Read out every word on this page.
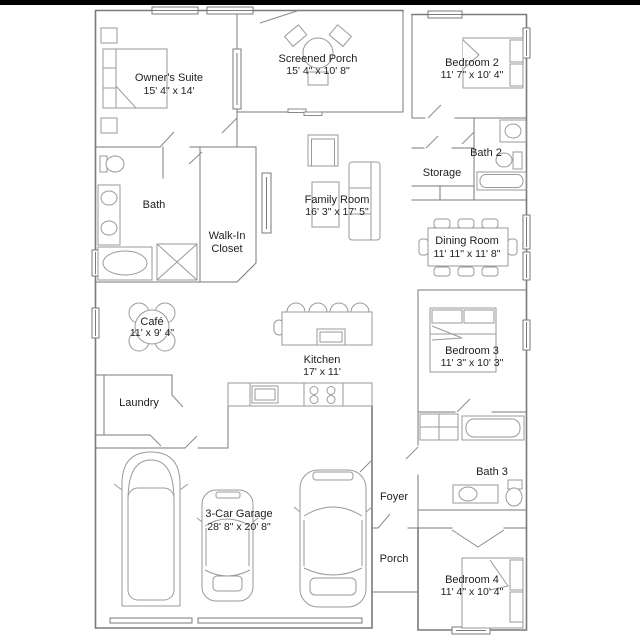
Owner's Suite
15' 4" x 14'
Screened Porch
15' 4" x 10' 8"
Bedroom 2
11' 7" x 10' 4"
Bath 2
Storage
Family Room
16' 3" x 17' 5"
Dining Room
11' 11" x 11' 8"
Bath
Walk-In
Closet
Café
11' x 9' 4"
Kitchen
17' x 11'
Bedroom 3
11' 3" x 10' 3"
Laundry
Bath 3
Foyer
Porch
3-Car Garage
28' 8" x 20' 8"
Bedroom 4
11' 4" x 10' 4"
